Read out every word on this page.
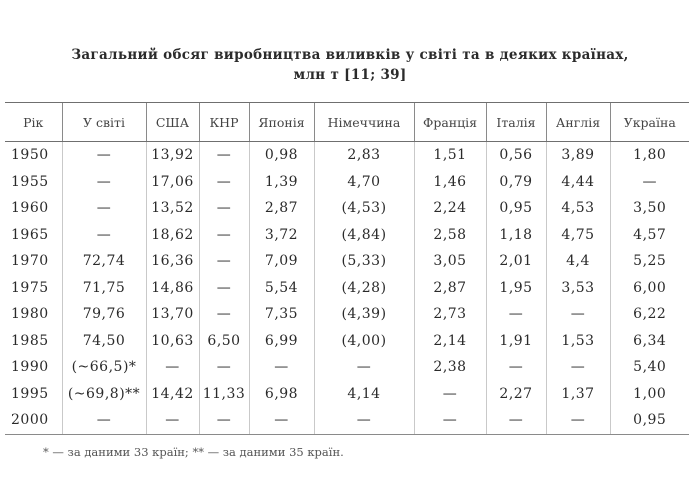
Загальний обсяг виробництва виливків у світі та в деяких країнах,
млн т [11; 39]
Рік	У світі	США	КНР	Японія	Німеччина	Франція	Італія	Англія	Україна
1950	—	13,92	—	0,98	2,83	1,51	0,56	3,89	1,80
1955	—	17,06	—	1,39	4,70	1,46	0,79	4,44	—
1960	—	13,52	—	2,87	(4,53)	2,24	0,95	4,53	3,50
1965	—	18,62	—	3,72	(4,84)	2,58	1,18	4,75	4,57
1970	72,74	16,36	—	7,09	(5,33)	3,05	2,01	4,4	5,25
1975	71,75	14,86	—	5,54	(4,28)	2,87	1,95	3,53	6,00
1980	79,76	13,70	—	7,35	(4,39)	2,73	—	—	6,22
1985	74,50	10,63	6,50	6,99	(4,00)	2,14	1,91	1,53	6,34
1990	(~66,5)*	—	—	—	—	2,38	—	—	5,40
1995	(~69,8)**	14,42	11,33	6,98	4,14	—	2,27	1,37	1,00
2000	—	—	—	—	—	—	—	—	0,95
* — за даними 33 країн; ** — за даними 35 країн.
